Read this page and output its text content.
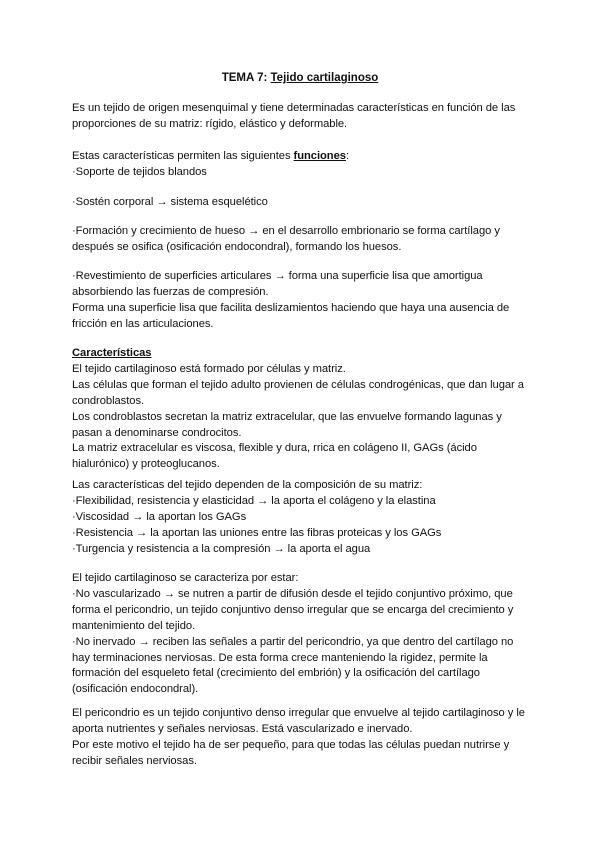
TEMA 7: Tejido cartilaginoso

Es un tejido de origen mesenquimal y tiene determinadas características en función de las

proporciones de su matriz: rígido, elástico y deformable.

Estas características permiten las siguientes funciones:

·Soporte de tejidos blandos

·Sostén corporal → sistema esquelético

·Formación y crecimiento de hueso → en el desarrollo embrionario se forma cartílago y

después se osifica (osificación endocondral), formando los huesos.

·Revestimiento de superficies articulares → forma una superficie lisa que amortigua

absorbiendo las fuerzas de compresión.

Forma una superficie lisa que facilita deslizamientos haciendo que haya una ausencia de

fricción en las articulaciones.

Características

El tejido cartilaginoso está formado por células y matriz.

Las células que forman el tejido adulto provienen de células condrogénicas, que dan lugar a

condroblastos.

Los condroblastos secretan la matriz extracelular, que las envuelve formando lagunas y

pasan a denominarse condrocitos.

La matriz extracelular es viscosa, flexible y dura, rrica en colágeno II, GAGs (ácido

hialurónico) y proteoglucanos.

Las características del tejido dependen de la composición de su matriz:

·Flexibilidad, resistencia y elasticidad → la aporta el colágeno y la elastina

·Viscosidad → la aportan los GAGs

·Resistencia → la aportan las uniones entre las fibras proteicas y los GAGs

·Turgencia y resistencia a la compresión → la aporta el agua

El tejido cartilaginoso se caracteriza por estar:

·No vascularizado → se nutren a partir de difusión desde el tejido conjuntivo próximo, que

forma el pericondrio, un tejido conjuntivo denso irregular que se encarga del crecimiento y

mantenimiento del tejido.

·No inervado → reciben las señales a partir del pericondrio, ya que dentro del cartílago no

hay terminaciones nerviosas. De esta forma crece manteniendo la rigidez, permite la

formación del esqueleto fetal (crecimiento del embrión) y la osificación del cartílago

(osificación endocondral).

El pericondrio es un tejido conjuntivo denso irregular que envuelve al tejido cartilaginoso y le

aporta nutrientes y señales nerviosas. Está vascularizado e inervado.

Por este motivo el tejido ha de ser pequeño, para que todas las células puedan nutrirse y

recibir señales nerviosas.
